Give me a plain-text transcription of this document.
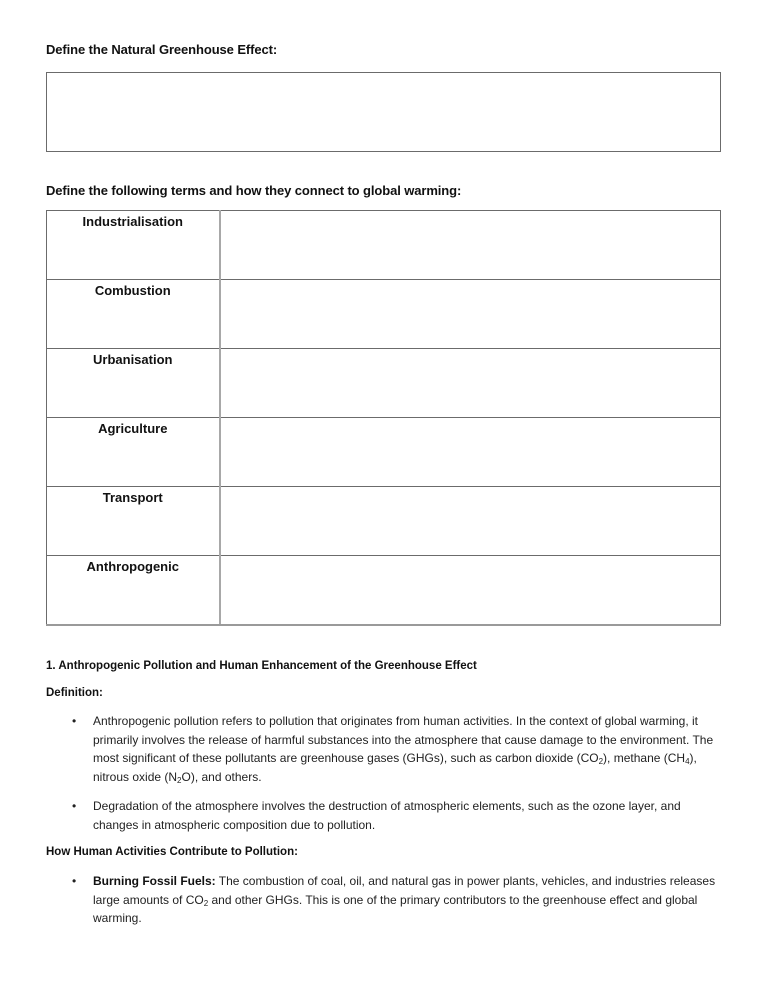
Define the Natural Greenhouse Effect:
Define the following terms and how they connect to global warming:
Industrialisation	
Combustion	
Urbanisation	
Agriculture	
Transport	
Anthropogenic	
1. Anthropogenic Pollution and Human Enhancement of the Greenhouse Effect
Definition:
• Anthropogenic pollution refers to pollution that originates from human activities. In the context of global warming, it primarily involves the release of harmful substances into the atmosphere that cause damage to the environment. The most significant of these pollutants are greenhouse gases (GHGs), such as carbon dioxide $(CO_2)$, methane $(CH_4)$, nitrous oxide $(N_2O)$, and others.
• Degradation of the atmosphere involves the destruction of atmospheric elements, such as the ozone layer, and changes in atmospheric composition due to pollution.
How Human Activities Contribute to Pollution:
• Burning Fossil Fuels: The combustion of coal, oil, and natural gas in power plants, vehicles, and industries releases large amounts of $CO_2$ and other GHGs. This is one of the primary contributors to the greenhouse effect and global warming.
